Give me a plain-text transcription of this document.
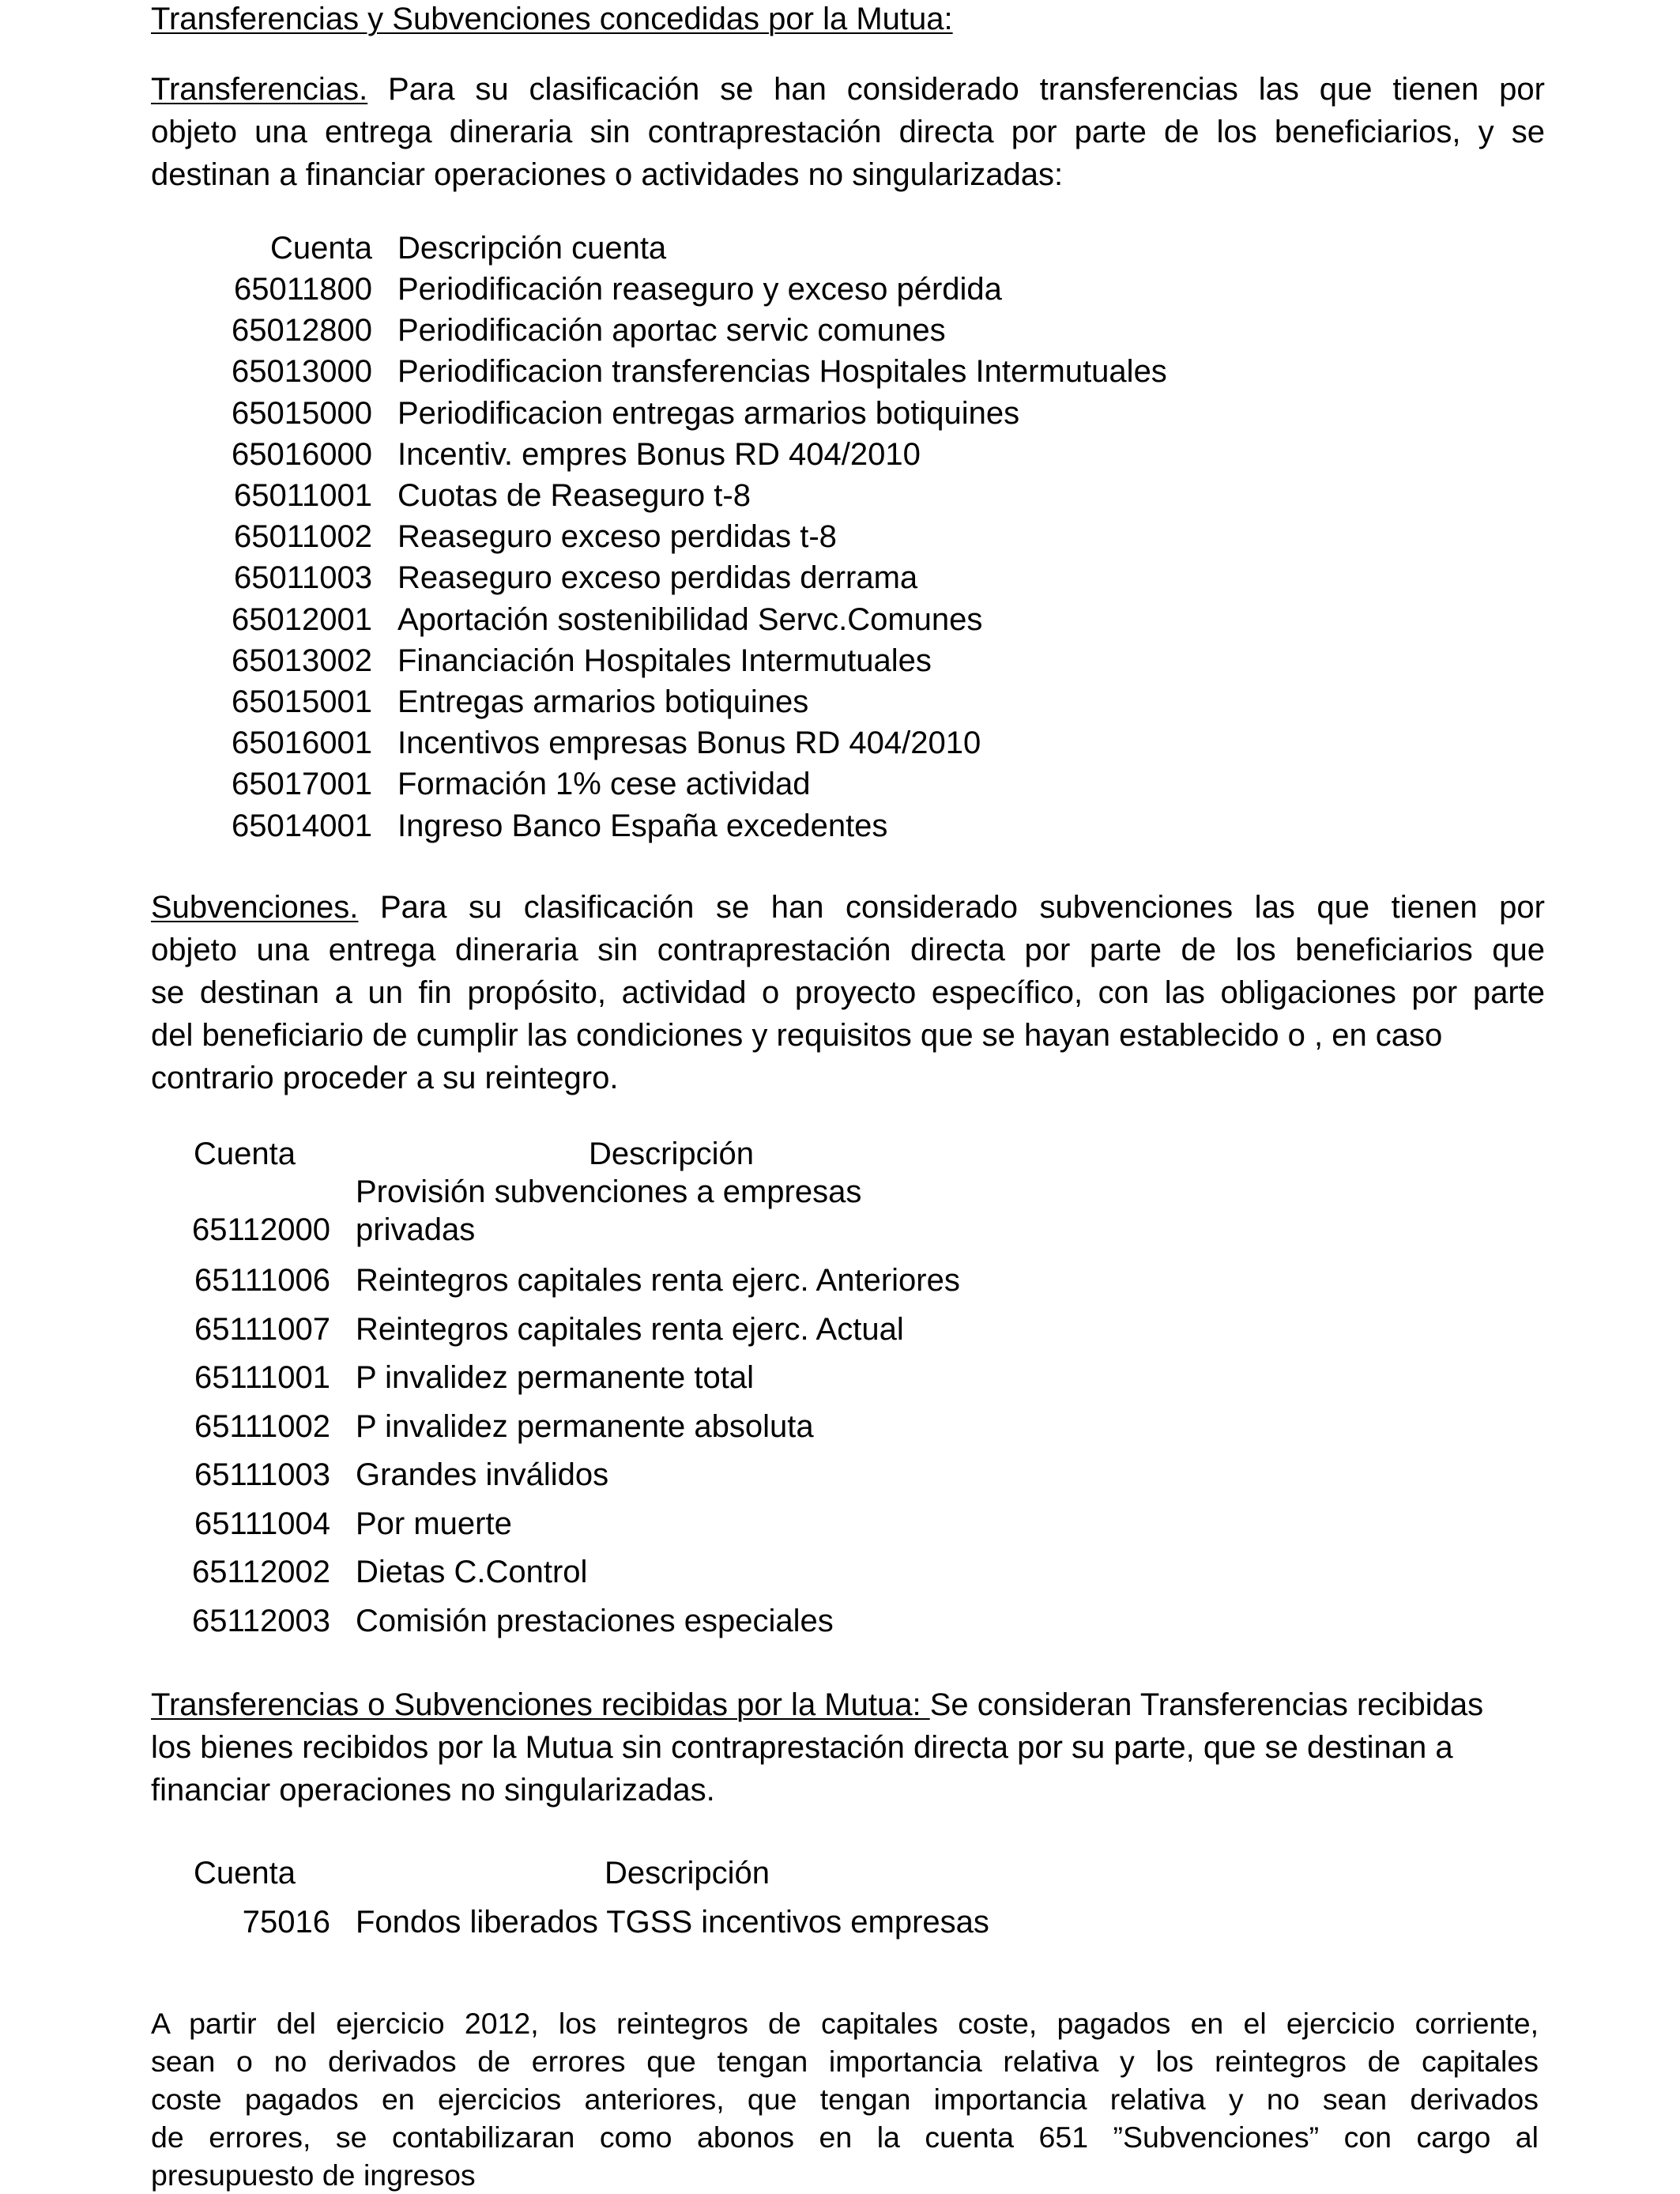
Transferencias y Subvenciones concedidas por la Mutua:
Transferencias. Para su clasificación se han considerado transferencias las que tienen por
objeto una entrega dineraria sin contraprestación directa por parte de los beneficiarios, y se
destinan a financiar operaciones o actividades no singularizadas:
Cuenta Descripción cuenta
65011800 Periodificación reaseguro y exceso pérdida
65012800 Periodificación aportac servic comunes
65013000 Periodificacion transferencias Hospitales Intermutuales
65015000 Periodificacion entregas armarios botiquines
65016000 Incentiv. empres Bonus RD 404/2010
65011001 Cuotas de Reaseguro t-8
65011002 Reaseguro exceso perdidas t-8
65011003 Reaseguro exceso perdidas derrama
65012001 Aportación sostenibilidad Servc.Comunes
65013002 Financiación Hospitales Intermutuales
65015001 Entregas armarios botiquines
65016001 Incentivos empresas Bonus RD 404/2010
65017001 Formación 1% cese actividad
65014001 Ingreso Banco España excedentes
Subvenciones. Para su clasificación se han considerado subvenciones las que tienen por
objeto una entrega dineraria sin contraprestación directa por parte de los beneficiarios que
se destinan a un fin propósito, actividad o proyecto específico, con las obligaciones por parte
del beneficiario de cumplir las condiciones y requisitos que se hayan establecido o , en caso
contrario proceder a su reintegro.
Cuenta	Descripción
Provisión subvenciones a empresas
65112000 privadas
65111006 Reintegros capitales renta ejerc. Anteriores
65111007 Reintegros capitales renta ejerc. Actual
65111001 P invalidez permanente total
65111002 P invalidez permanente absoluta
65111003 Grandes inválidos
65111004 Por muerte
65112002 Dietas C.Control
65112003 Comisión prestaciones especiales
Transferencias o Subvenciones recibidas por la Mutua: Se consideran Transferencias recibidas
los bienes recibidos por la Mutua sin contraprestación directa por su parte, que se destinan a
financiar operaciones no singularizadas.
Cuenta	Descripción
75016 Fondos liberados TGSS incentivos empresas
A partir del ejercicio 2012, los reintegros de capitales coste, pagados en el ejercicio corriente,
sean o no derivados de errores que tengan importancia relativa y los reintegros de capitales
coste pagados en ejercicios anteriores, que tengan importancia relativa y no sean derivados
de errores, se contabilizaran como abonos en la cuenta 651 ”Subvenciones” con cargo al
presupuesto de ingresos
